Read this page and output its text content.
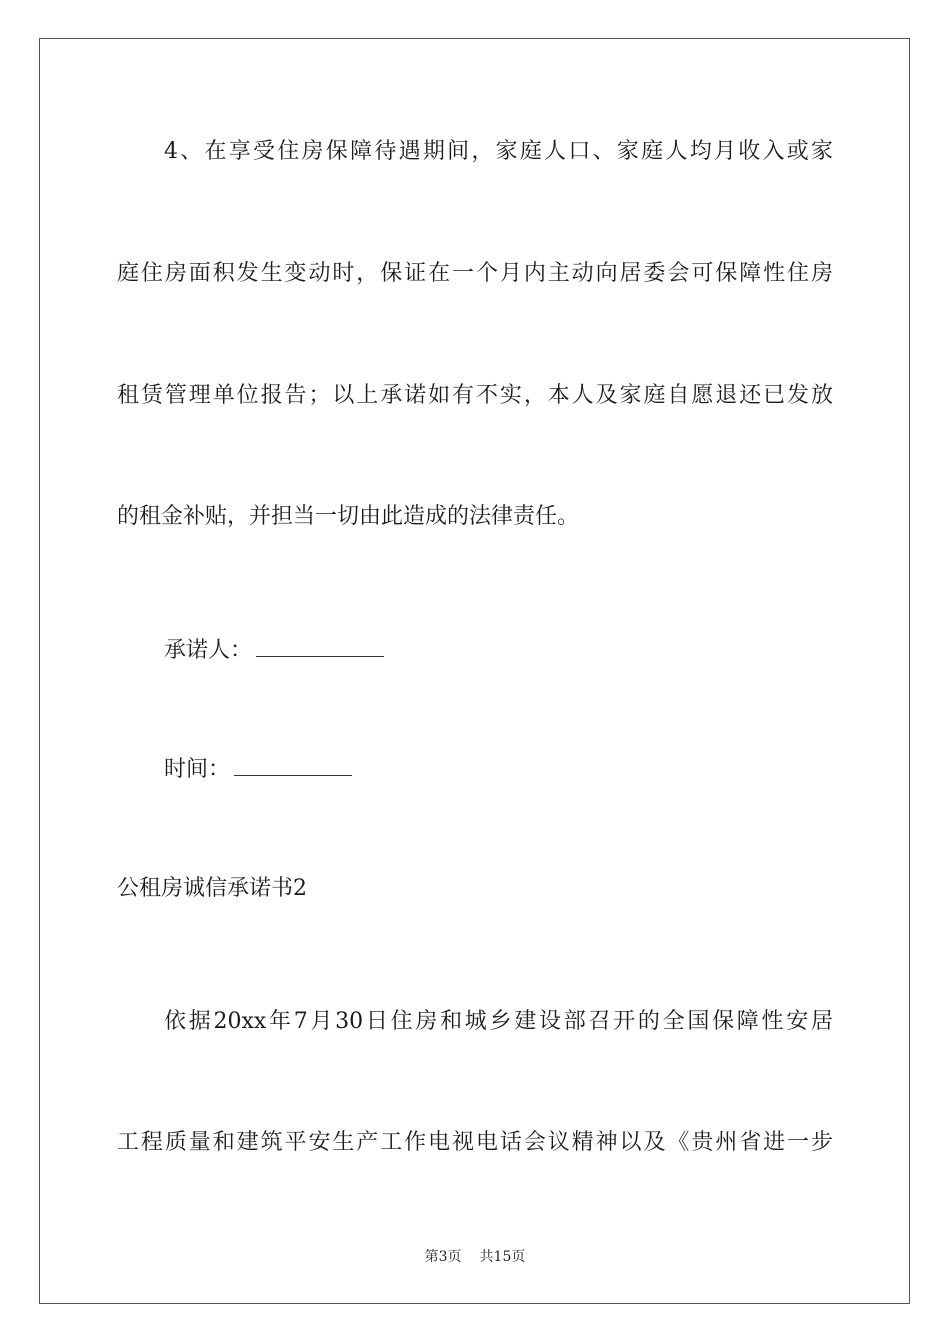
4、在享受住房保障待遇期间，家庭人口、家庭人均月收入或家
庭住房面积发生变动时，保证在一个月内主动向居委会可保障性住房
租赁管理单位报告；以上承诺如有不实，本人及家庭自愿退还已发放
的租金补贴，并担当一切由此造成的法律责任。
承诺人：
时间：
公租房诚信承诺书2
依据20xx年7月30日住房和城乡建设部召开的全国保障性安居
工程质量和建筑平安生产工作电视电话会议精神以及《贵州省进一步
第3页 共15页
